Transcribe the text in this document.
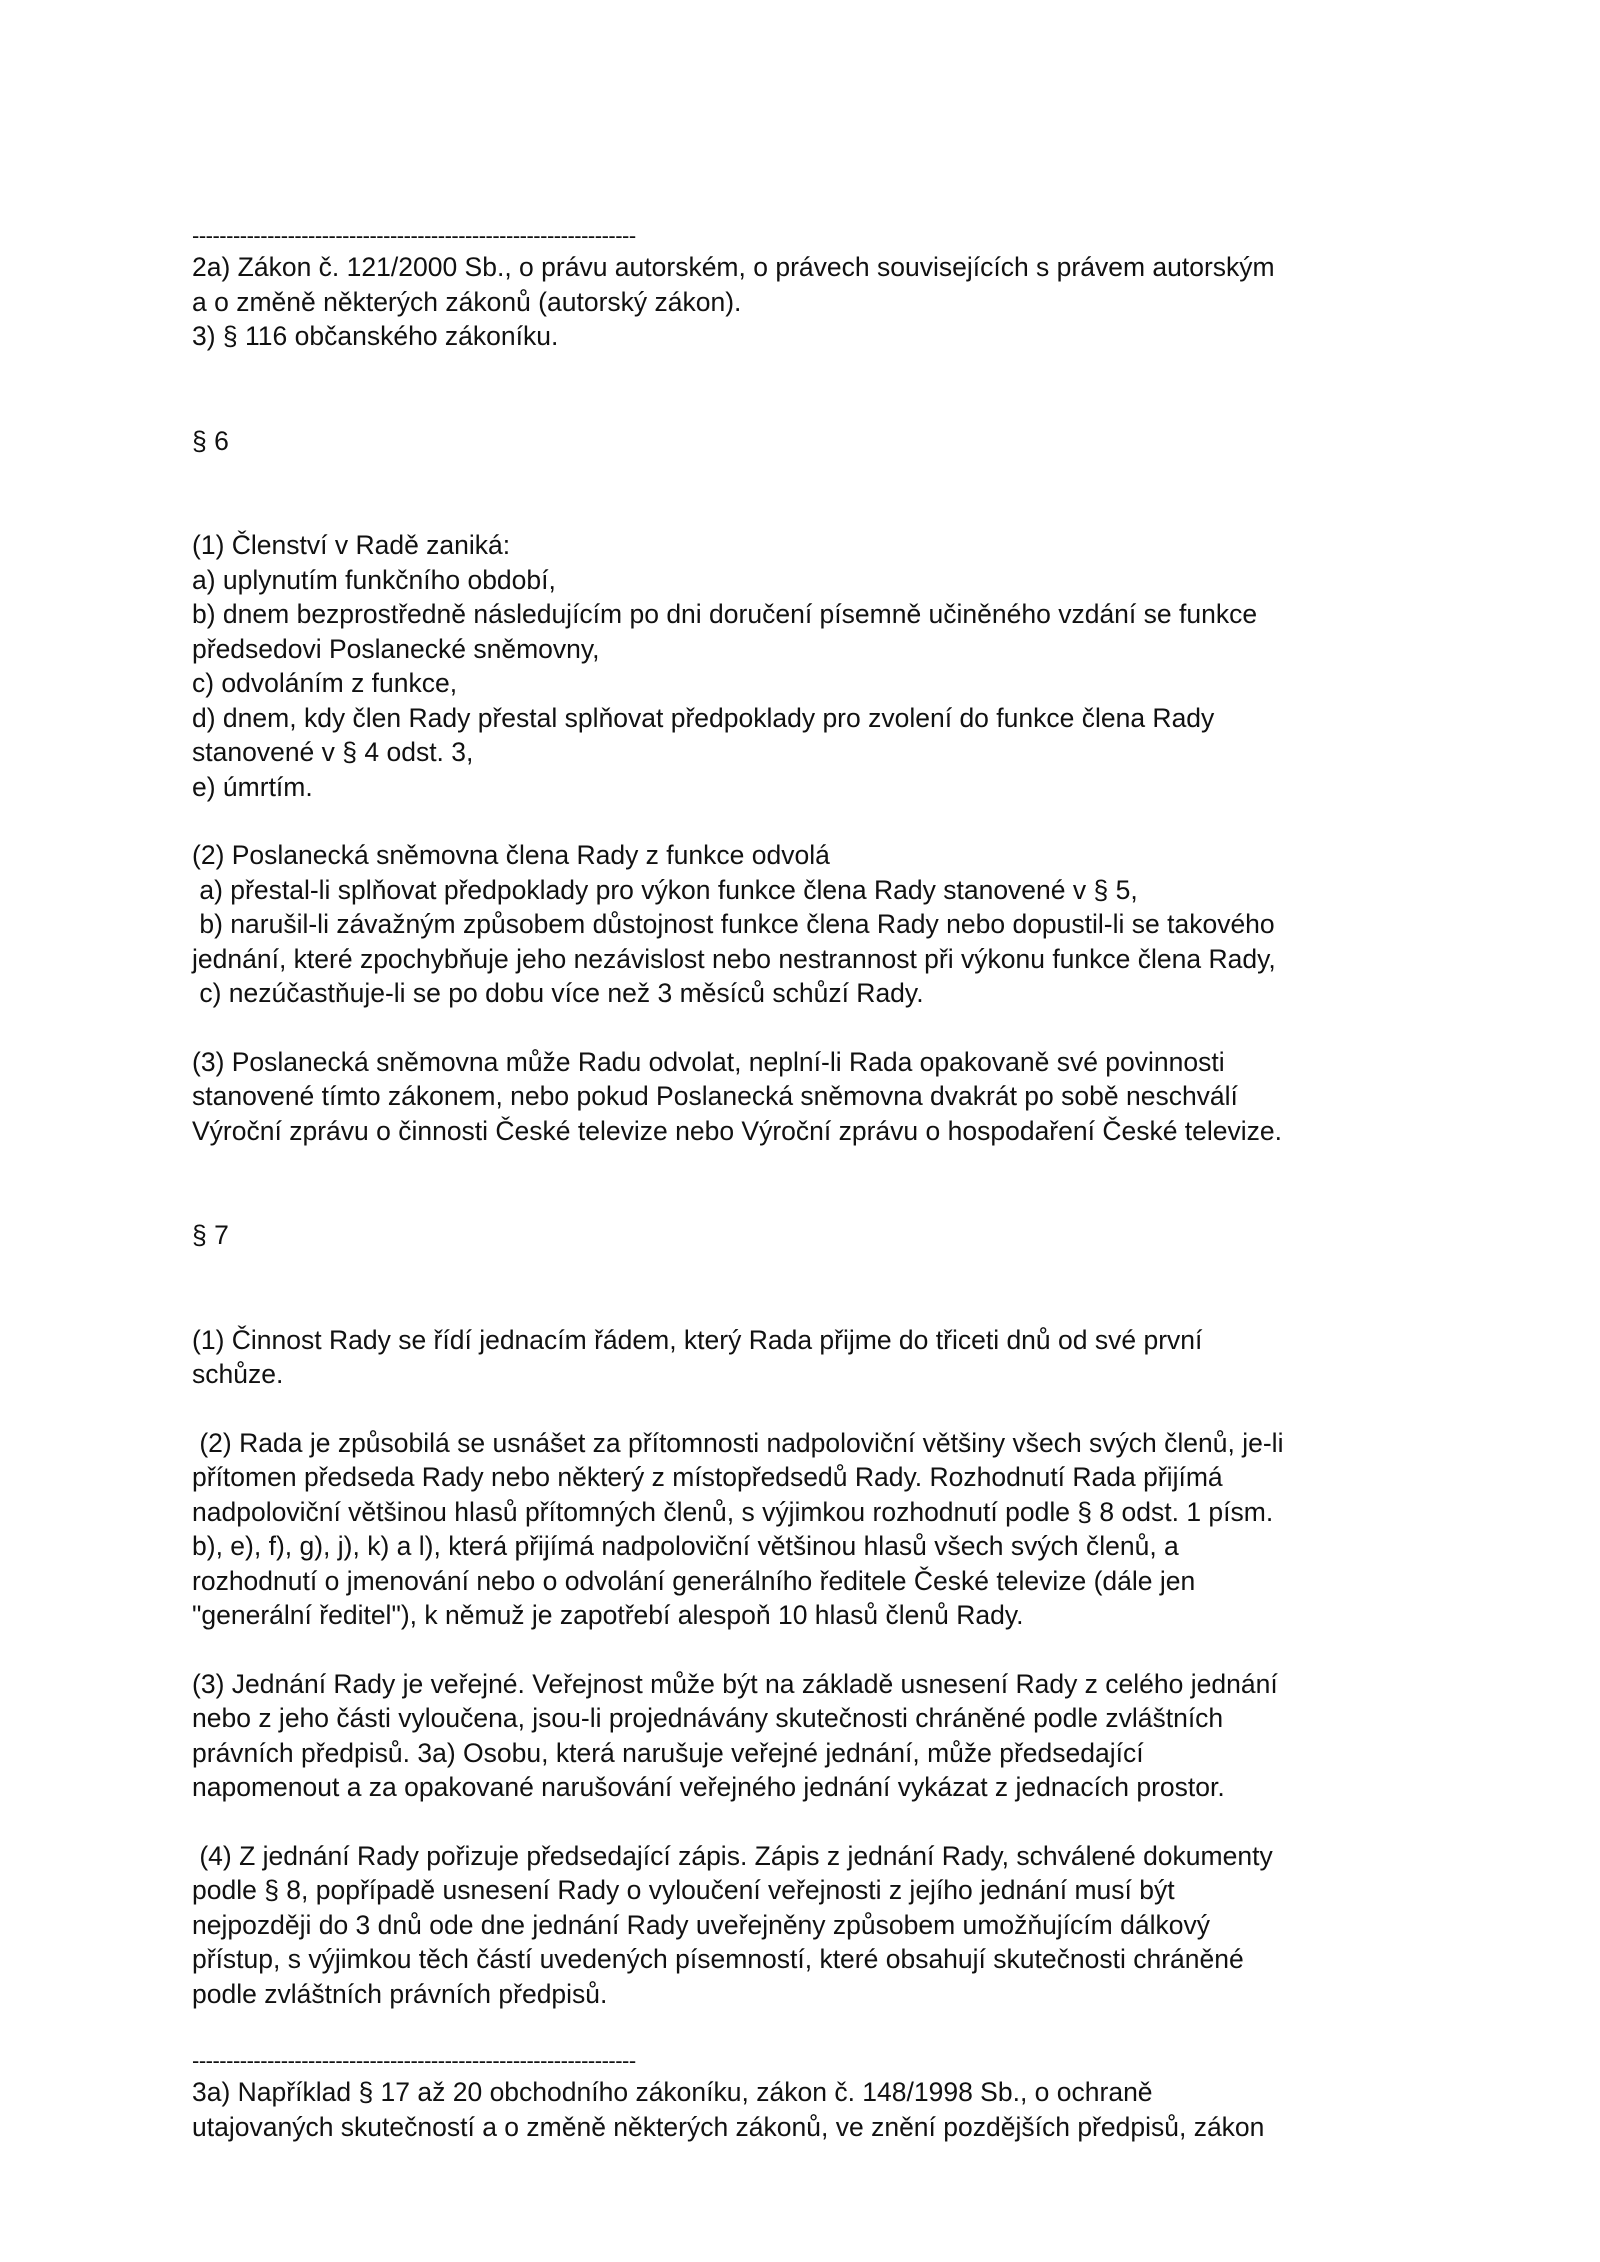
-----------------------------------------------------------------
2a) Zákon č. 121/2000 Sb., o právu autorském, o právech souvisejících s právem autorským
a o změně některých zákonů (autorský zákon).
3) § 116 občanského zákoníku.
§ 6
(1) Členství v Radě zaniká:
a) uplynutím funkčního období,
b) dnem bezprostředně následujícím po dni doručení písemně učiněného vzdání se funkce
předsedovi Poslanecké sněmovny,
c) odvoláním z funkce,
d) dnem, kdy člen Rady přestal splňovat předpoklady pro zvolení do funkce člena Rady
stanovené v § 4 odst. 3,
e) úmrtím.
(2) Poslanecká sněmovna člena Rady z funkce odvolá
a) přestal-li splňovat předpoklady pro výkon funkce člena Rady stanovené v § 5,
b) narušil-li závažným způsobem důstojnost funkce člena Rady nebo dopustil-li se takového
jednání, které zpochybňuje jeho nezávislost nebo nestrannost při výkonu funkce člena Rady,
c) nezúčastňuje-li se po dobu více než 3 měsíců schůzí Rady.
(3) Poslanecká sněmovna může Radu odvolat, neplní-li Rada opakovaně své povinnosti
stanovené tímto zákonem, nebo pokud Poslanecká sněmovna dvakrát po sobě neschválí
Výroční zprávu o činnosti České televize nebo Výroční zprávu o hospodaření České televize.
§ 7
(1) Činnost Rady se řídí jednacím řádem, který Rada přijme do třiceti dnů od své první
schůze.
(2) Rada je způsobilá se usnášet za přítomnosti nadpoloviční většiny všech svých členů, je-li
přítomen předseda Rady nebo některý z místopředsedů Rady. Rozhodnutí Rada přijímá
nadpoloviční většinou hlasů přítomných členů, s výjimkou rozhodnutí podle § 8 odst. 1 písm.
b), e), f), g), j), k) a l), která přijímá nadpoloviční většinou hlasů všech svých členů, a
rozhodnutí o jmenování nebo o odvolání generálního ředitele České televize (dále jen
"generální ředitel"), k němuž je zapotřebí alespoň 10 hlasů členů Rady.
(3) Jednání Rady je veřejné. Veřejnost může být na základě usnesení Rady z celého jednání
nebo z jeho části vyloučena, jsou-li projednávány skutečnosti chráněné podle zvláštních
právních předpisů. 3a) Osobu, která narušuje veřejné jednání, může předsedající
napomenout a za opakované narušování veřejného jednání vykázat z jednacích prostor.
(4) Z jednání Rady pořizuje předsedající zápis. Zápis z jednání Rady, schválené dokumenty
podle § 8, popřípadě usnesení Rady o vyloučení veřejnosti z jejího jednání musí být
nejpozději do 3 dnů ode dne jednání Rady uveřejněny způsobem umožňujícím dálkový
přístup, s výjimkou těch částí uvedených písemností, které obsahují skutečnosti chráněné
podle zvláštních právních předpisů.
-----------------------------------------------------------------
3a) Například § 17 až 20 obchodního zákoníku, zákon č. 148/1998 Sb., o ochraně
utajovaných skutečností a o změně některých zákonů, ve znění pozdějších předpisů, zákon
